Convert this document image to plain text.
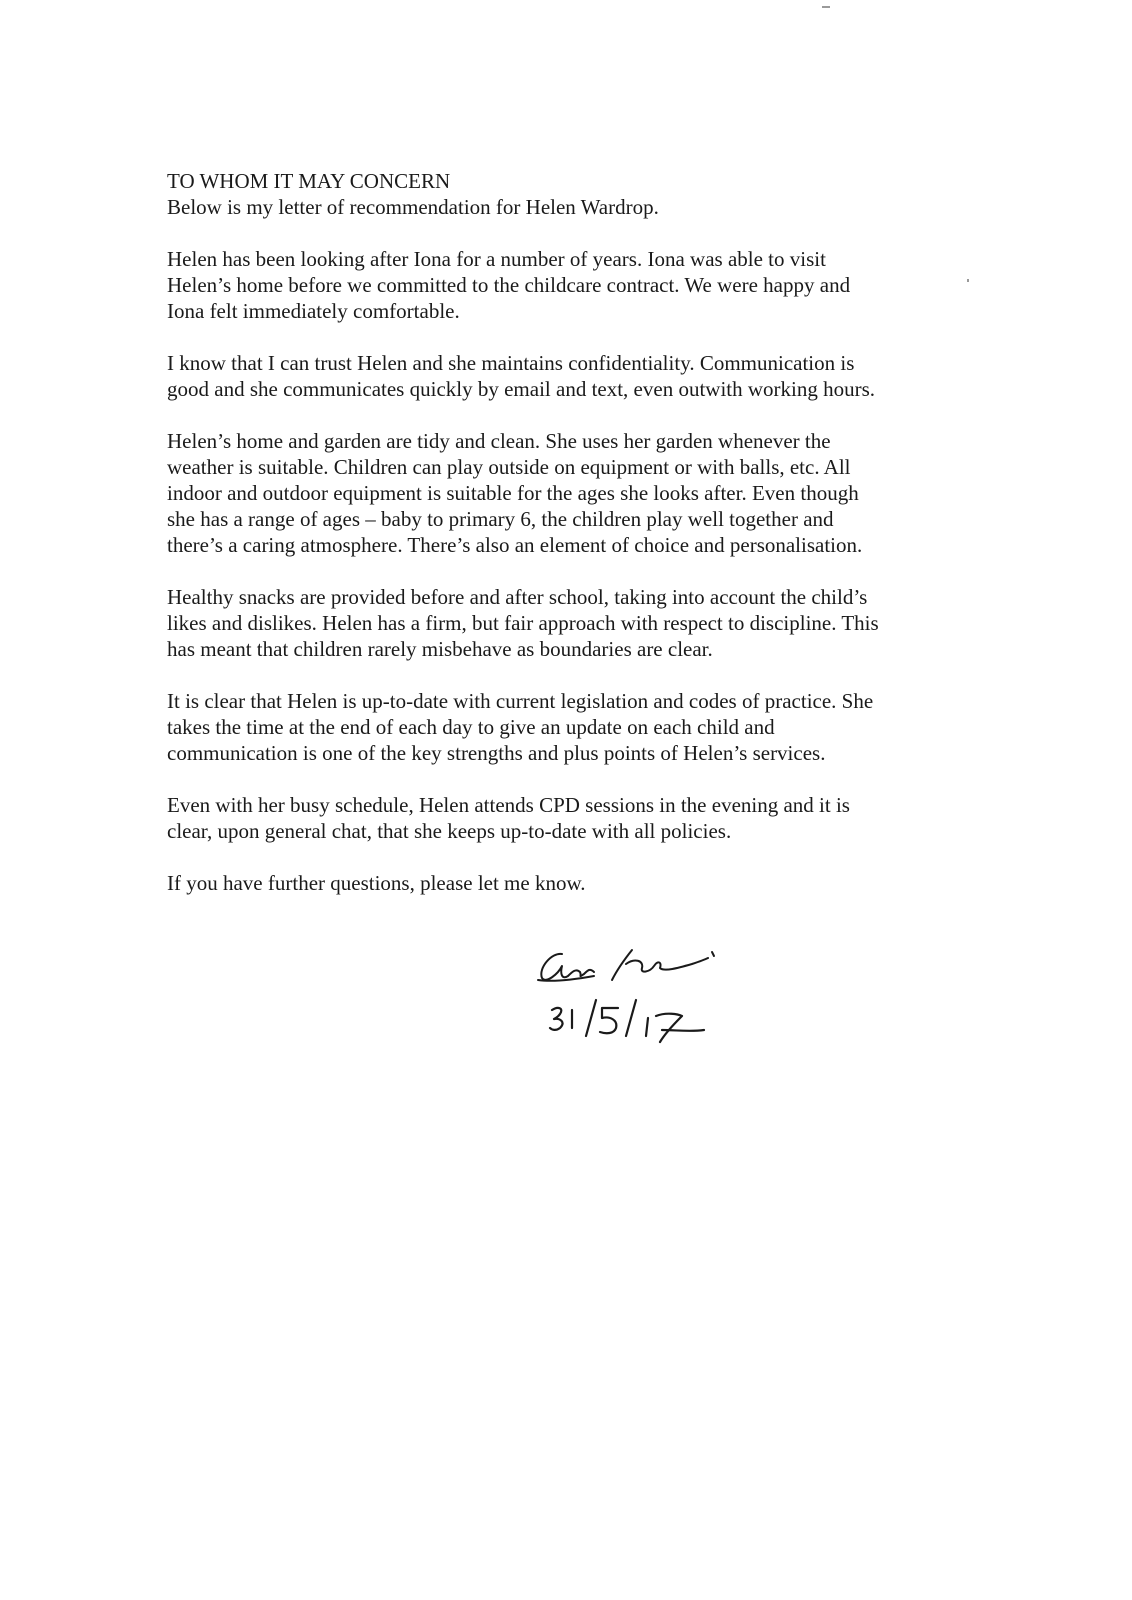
TO WHOM IT MAY CONCERN

Below is my letter of recommendation for Helen Wardrop.

Helen has been looking after Iona for a number of years. Iona was able to visit
Helen’s home before we committed to the childcare contract. We were happy and
Iona felt immediately comfortable.

I know that I can trust Helen and she maintains confidentiality. Communication is
good and she communicates quickly by email and text, even outwith working hours.

Helen’s home and garden are tidy and clean. She uses her garden whenever the
weather is suitable. Children can play outside on equipment or with balls, etc. All
indoor and outdoor equipment is suitable for the ages she looks after. Even though
she has a range of ages – baby to primary 6, the children play well together and
there’s a caring atmosphere. There’s also an element of choice and personalisation.

Healthy snacks are provided before and after school, taking into account the child’s
likes and dislikes. Helen has a firm, but fair approach with respect to discipline. This
has meant that children rarely misbehave as boundaries are clear.

It is clear that Helen is up-to-date with current legislation and codes of practice. She
takes the time at the end of each day to give an update on each child and
communication is one of the key strengths and plus points of Helen’s services.

Even with her busy schedule, Helen attends CPD sessions in the evening and it is
clear, upon general chat, that she keeps up-to-date with all policies.

If you have further questions, please let me know.
